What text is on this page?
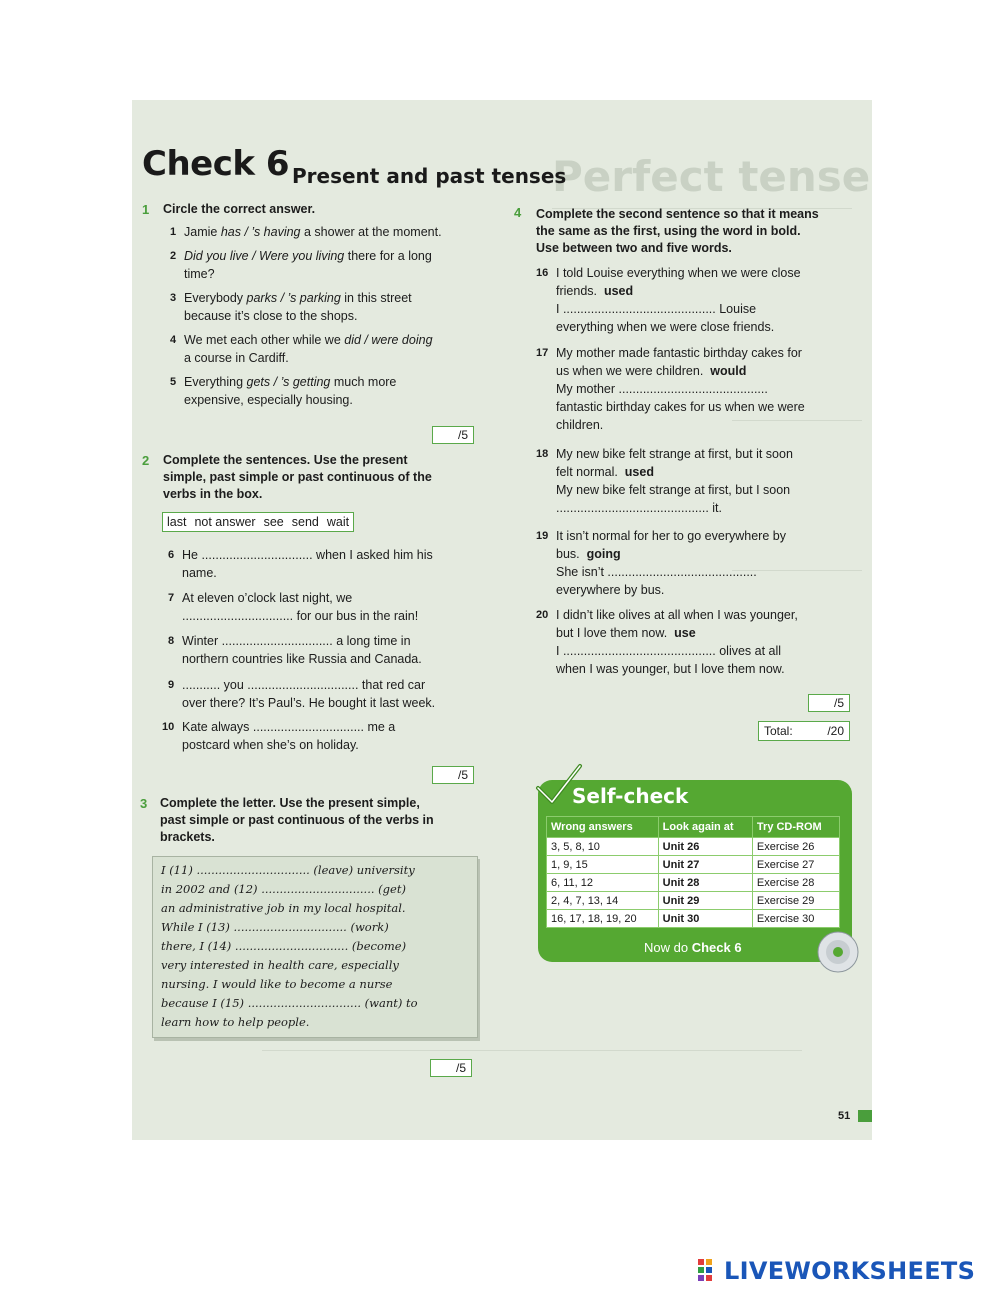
Perfect tense
Check 6 Present and past tenses
1 Circle the correct answer.
1 Jamie has / ’s having a shower at the moment.
2 Did you live / Were you living there for a long
time?
3 Everybody parks / ’s parking in this street
because it’s close to the shops.
4 We met each other while we did / were doing
a course in Cardiff.
5 Everything gets / ’s getting much more
expensive, especially housing.
/5
2 Complete the sentences. Use the present
simple, past simple or past continuous of the
verbs in the box.
last not answer see send wait
6 He ................................ when I asked him his
name.
7 At eleven o’clock last night, we
................................ for our bus in the rain!
8 Winter ................................ a long time in
northern countries like Russia and Canada.
9 ........... you ................................ that red car
over there? It’s Paul’s. He bought it last week.
10 Kate always ................................ me a
postcard when she’s on holiday.
/5
3 Complete the letter. Use the present simple,
past simple or past continuous of the verbs in
brackets.
I (11) ............................... (leave) university
in 2002 and (12) ............................... (get)
an administrative job in my local hospital.
While I (13) ............................... (work)
there, I (14) ............................... (become)
very interested in health care, especially
nursing. I would like to become a nurse
because I (15) ............................... (want) to
learn how to help people.
/5
4 Complete the second sentence so that it means
the same as the first, using the word in bold.
Use between two and five words.
16 I told Louise everything when we were close
friends. used
I ............................................ Louise
everything when we were close friends.
17 My mother made fantastic birthday cakes for
us when we were children. would
My mother ...........................................
fantastic birthday cakes for us when we were
children.
18 My new bike felt strange at first, but it soon
felt normal. used
My new bike felt strange at first, but I soon
............................................ it.
19 It isn’t normal for her to go everywhere by
bus. going
She isn’t ...........................................
everywhere by bus.
20 I didn’t like olives at all when I was younger,
but I love them now. use
I ............................................ olives at all
when I was younger, but I love them now.
/5
Total:	/20
Self-check
Wrong answers	Look again at	Try CD-ROM
3, 5, 8, 10	Unit 26	Exercise 26
1, 9, 15	Unit 27	Exercise 27
6, 11, 12	Unit 28	Exercise 28
2, 4, 7, 13, 14	Unit 29	Exercise 29
16, 17, 18, 19, 20	Unit 30	Exercise 30
Now do Check 6
51
LIVEWORKSHEETS
